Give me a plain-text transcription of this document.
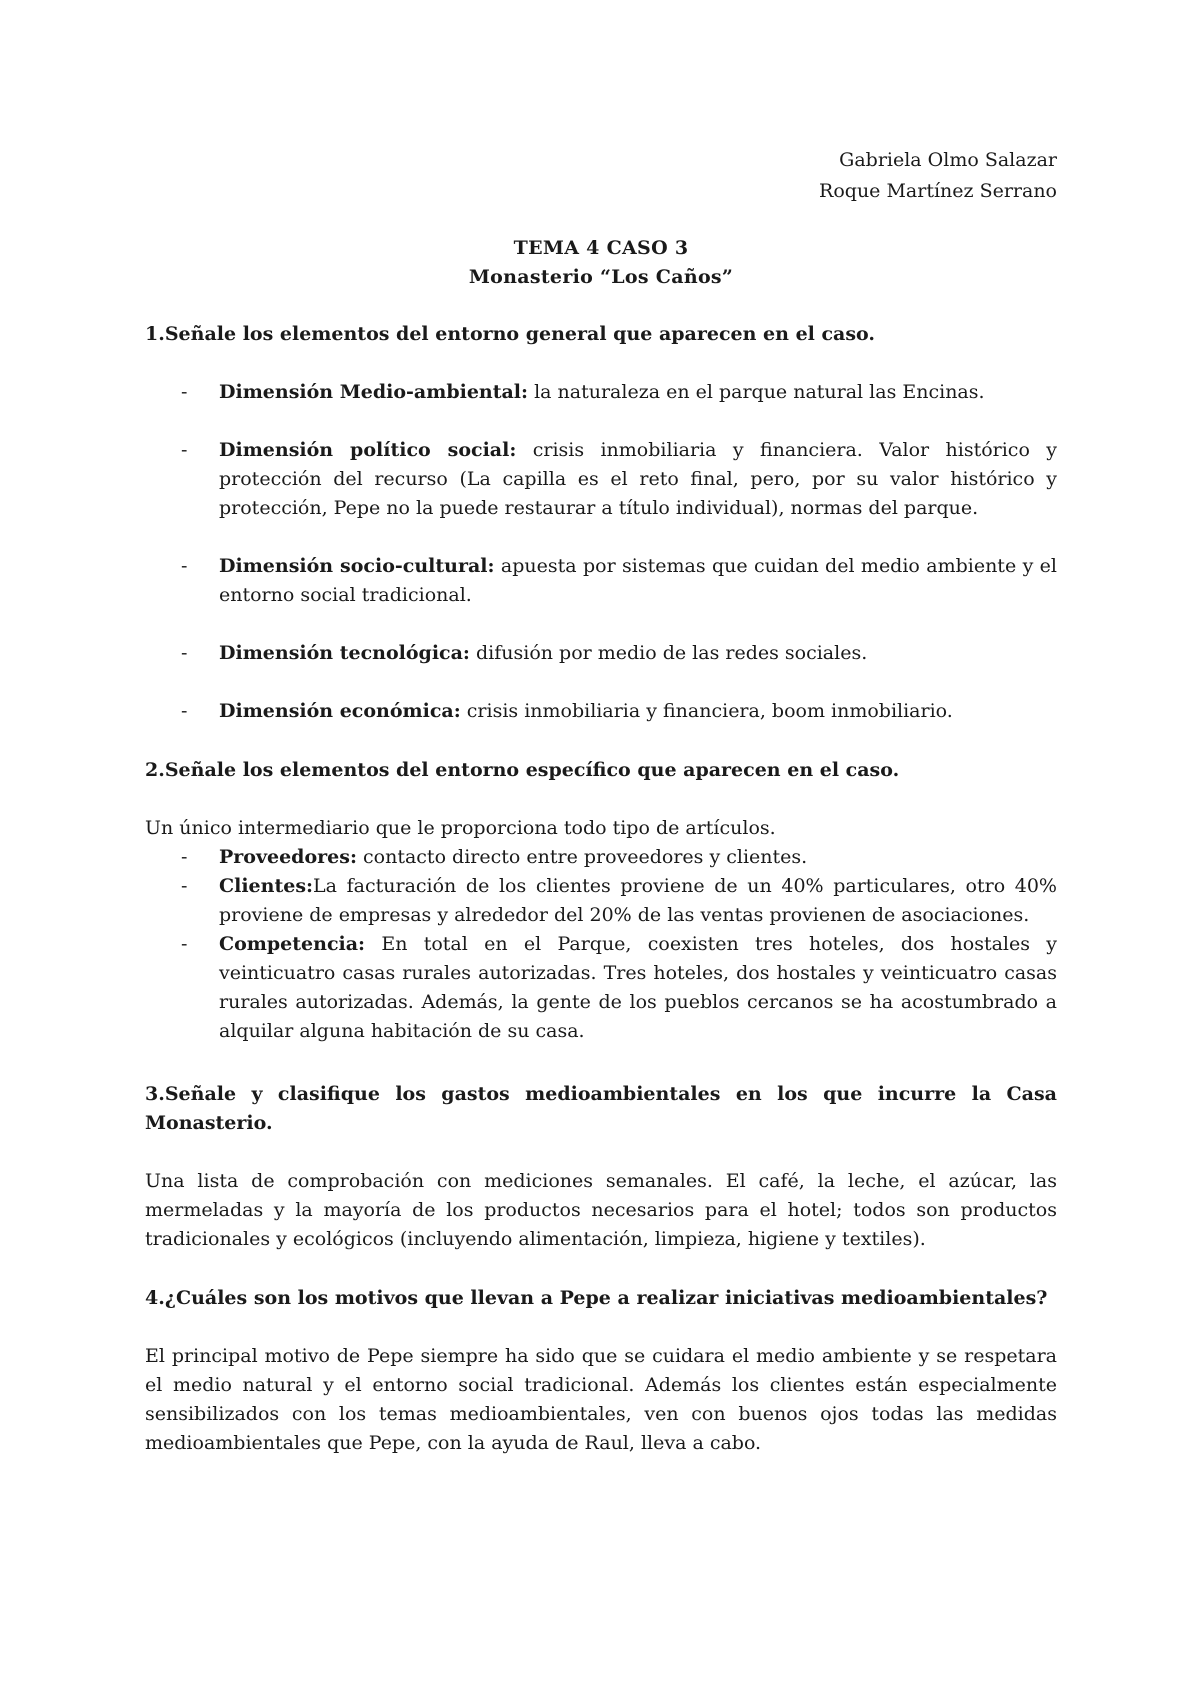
Gabriela Olmo Salazar
Roque Martínez Serrano
TEMA 4 CASO 3
Monasterio “Los Caños”

1.Señale los elementos del entorno general que aparecen en el caso.

- Dimensión Medio-ambiental: la naturaleza en el parque natural las Encinas.
- Dimensión político social: crisis inmobiliaria y financiera. Valor histórico y protección del recurso (La capilla es el reto final, pero, por su valor histórico y protección, Pepe no la puede restaurar a título individual), normas del parque.
- Dimensión socio-cultural: apuesta por sistemas que cuidan del medio ambiente y el entorno social tradicional.
- Dimensión tecnológica: difusión por medio de las redes sociales.
- Dimensión económica: crisis inmobiliaria y financiera, boom inmobiliario.

2.Señale los elementos del entorno específico que aparecen en el caso.

Un único intermediario que le proporciona todo tipo de artículos.

- Proveedores: contacto directo entre proveedores y clientes.
- Clientes:La facturación de los clientes proviene de un 40% particulares, otro 40% proviene de empresas y alrededor del 20% de las ventas provienen de asociaciones.
- Competencia: En total en el Parque, coexisten tres hoteles, dos hostales y veinticuatro casas rurales autorizadas. Tres hoteles, dos hostales y veinticuatro casas rurales autorizadas. Además, la gente de los pueblos cercanos se ha acostumbrado a alquilar alguna habitación de su casa.

3.Señale y clasifique los gastos medioambientales en los que incurre la Casa Monasterio.

Una lista de comprobación con mediciones semanales. El café, la leche, el azúcar, las mermeladas y la mayoría de los productos necesarios para el hotel; todos son productos tradicionales y ecológicos (incluyendo alimentación, limpieza, higiene y textiles).

4.¿Cuáles son los motivos que llevan a Pepe a realizar iniciativas medioambientales?

El principal motivo de Pepe siempre ha sido que se cuidara el medio ambiente y se respetara el medio natural y el entorno social tradicional. Además los clientes están especialmente sensibilizados con los temas medioambientales, ven con buenos ojos todas las medidas medioambientales que Pepe, con la ayuda de Raul, lleva a cabo.
